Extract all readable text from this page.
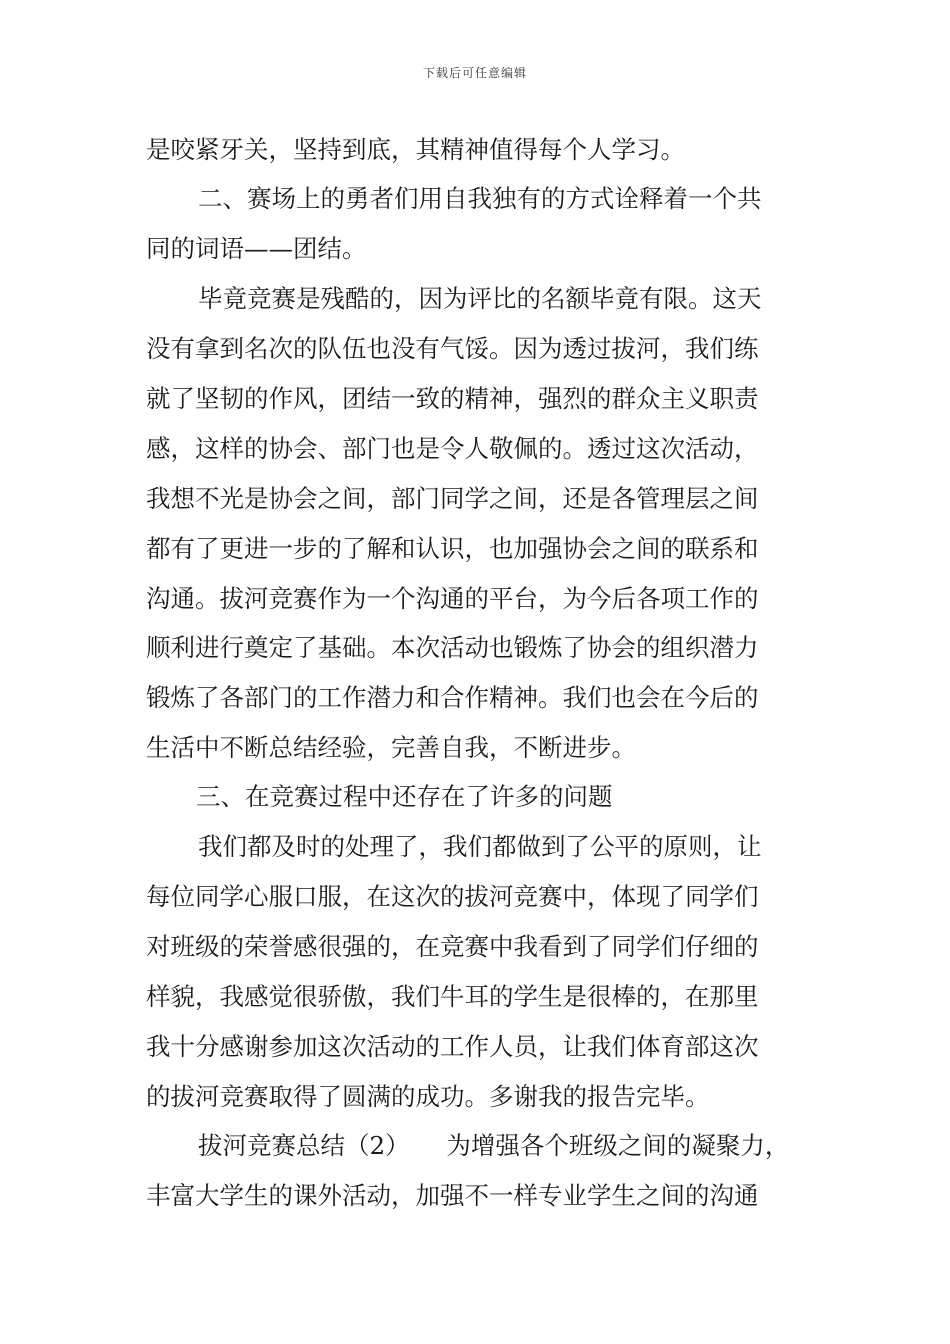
下载后可任意编辑
是咬紧牙关，坚持到底，其精神值得每个人学习。
二、赛场上的勇者们用自我独有的方式诠释着一个共
同的词语——团结。
毕竟竞赛是残酷的，因为评比的名额毕竟有限。这天
没有拿到名次的队伍也没有气馁。因为透过拔河，我们练
就了坚韧的作风，团结一致的精神，强烈的群众主义职责
感，这样的协会、部门也是令人敬佩的。透过这次活动，
我想不光是协会之间，部门同学之间，还是各管理层之间
都有了更进一步的了解和认识，也加强协会之间的联系和
沟通。拔河竞赛作为一个沟通的平台，为今后各项工作的
顺利进行奠定了基础。本次活动也锻炼了协会的组织潜力
锻炼了各部门的工作潜力和合作精神。我们也会在今后的
生活中不断总结经验，完善自我，不断进步。
三、在竞赛过程中还存在了许多的问题
我们都及时的处理了，我们都做到了公平的原则，让
每位同学心服口服，在这次的拔河竞赛中，体现了同学们
对班级的荣誉感很强的，在竞赛中我看到了同学们仔细的
样貌，我感觉很骄傲，我们牛耳的学生是很棒的，在那里
我十分感谢参加这次活动的工作人员，让我们体育部这次
的拔河竞赛取得了圆满的成功。多谢我的报告完毕。
拔河竞赛总结（2）　　为增强各个班级之间的凝聚力，
丰富大学生的课外活动，加强不一样专业学生之间的沟通
